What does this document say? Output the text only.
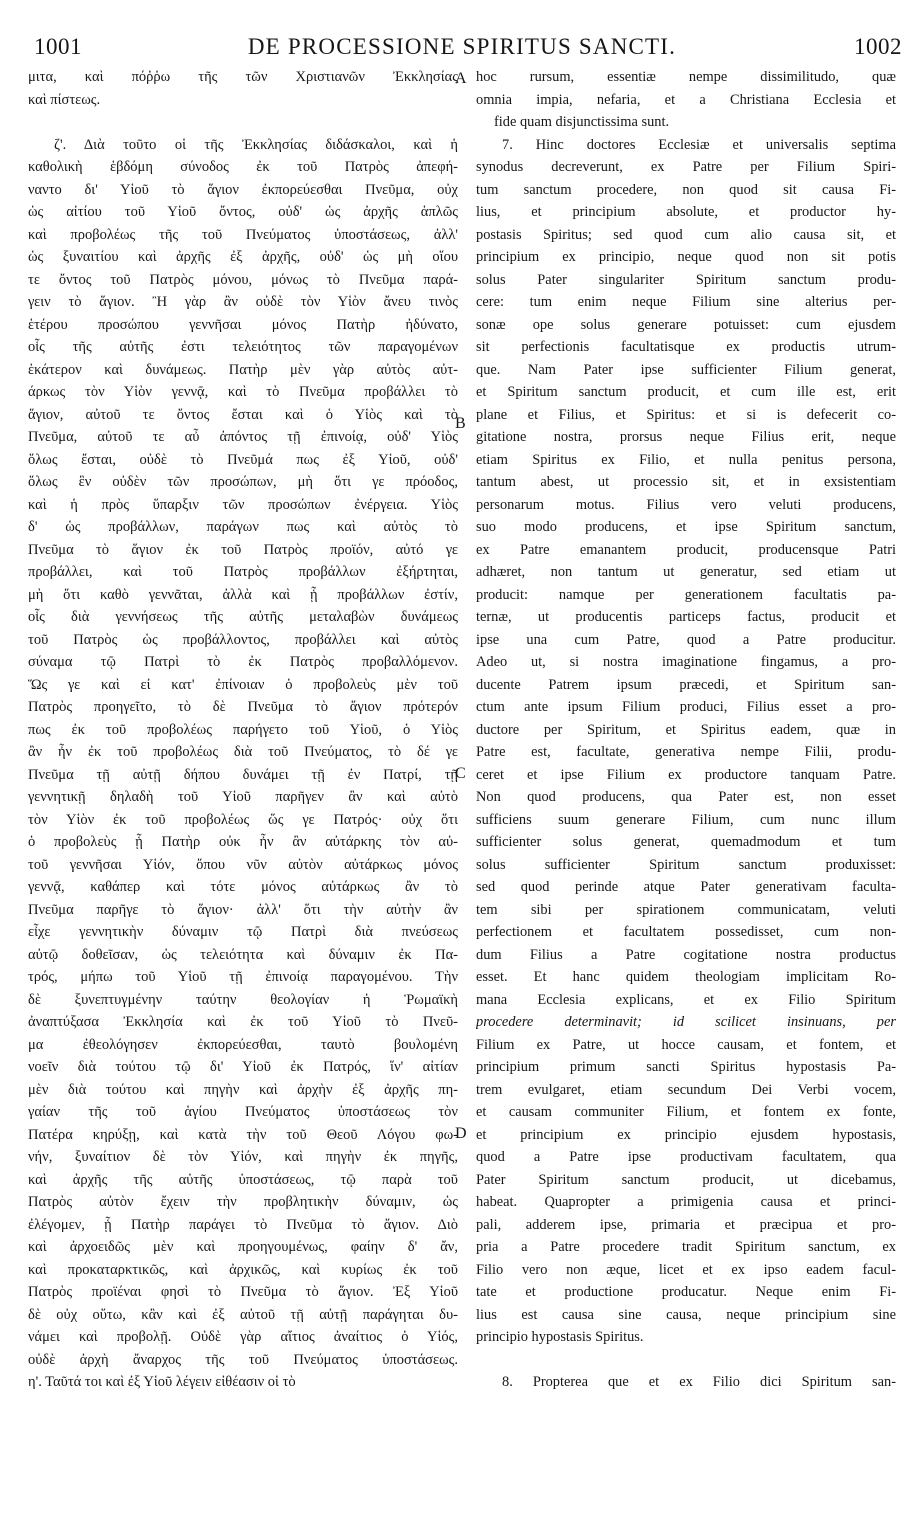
1001	DE PROCESSIONE SPIRITUS SANCTI.	1002
μιτα, καὶ πόῤῥω τῆς τῶν Χριστιανῶν Ἐκκλησίας
καὶ πίστεως.
ζ'. Διὰ τοῦτο οἱ τῆς Ἐκκλησίας διδάσκαλοι, καὶ ἡ
καθολικὴ ἑβδόμη σύνοδος ἐκ τοῦ Πατρὸς ἀπεφή-
ναντο δι' Υἱοῦ τὸ ἅγιον ἐκπορεύεσθαι Πνεῦμα, οὐχ
ὡς αἰτίου τοῦ Υἱοῦ ὄντος, οὐδ' ὡς ἀρχῆς ἁπλῶς
καὶ προβολέως τῆς τοῦ Πνεύματος ὑποστάσεως, ἀλλ'
ὡς ξυναιτίου καὶ ἀρχῆς ἐξ ἀρχῆς, οὐδ' ὡς μὴ οἵου
τε ὄντος τοῦ Πατρὸς μόνου, μόνως τὸ Πνεῦμα παρά-
γειν τὸ ἅγιον. Ἢ γὰρ ἂν οὐδὲ τὸν Υἱὸν ἄνευ τινὸς
ἑτέρου προσώπου γεννῆσαι μόνος Πατὴρ ἠδύνατο,
οἷς τῆς αὐτῆς ἐστι τελειότητος τῶν παραγομένων
ἑκάτερον καὶ δυνάμεως. Πατὴρ μὲν γὰρ αὐτὸς αὐτ-
άρκως τὸν Υἱὸν γεννᾷ, καὶ τὸ Πνεῦμα προβάλλει τὸ
ἅγιον, αὐτοῦ τε ὄντος ἔσται καὶ ὁ Υἱὸς καὶ τὸ
Πνεῦμα, αὐτοῦ τε αὖ ἀπόντος τῇ ἐπινοίᾳ, οὐδ' Υἱὸς
ὅλως ἔσται, οὐδὲ τὸ Πνεῦμά πως ἐξ Υἱοῦ, οὐδ'
ὅλως ἓν οὐδὲν τῶν προσώπων, μὴ ὅτι γε πρόοδος,
καὶ ἡ πρὸς ὕπαρξιν τῶν προσώπων ἐνέργεια. Υἱὸς
δ' ὡς προβάλλων, παράγων πως καὶ αὐτὸς τὸ
Πνεῦμα τὸ ἅγιον ἐκ τοῦ Πατρὸς προϊόν, αὐτό γε
προβάλλει, καὶ τοῦ Πατρὸς προβάλλων ἐξήρτηται,
μὴ ὅτι καθὸ γεννᾶται, ἀλλὰ καὶ ᾗ προβάλλων ἐστίν,
οἷς διὰ γεννήσεως τῆς αὐτῆς μεταλαβὼν δυνάμεως
τοῦ Πατρὸς ὡς προβάλλοντος, προβάλλει καὶ αὐτὸς
σύναμα τῷ Πατρὶ τὸ ἐκ Πατρὸς προβαλλόμενον.
Ὥς γε καὶ εἰ κατ' ἐπίνοιαν ὁ προβολεὺς μὲν τοῦ
Πατρὸς προηγεῖτο, τὸ δὲ Πνεῦμα τὸ ἅγιον πρότερόν
πως ἐκ τοῦ προβολέως παρήγετο τοῦ Υἱοῦ, ὁ Υἱὸς
ἂν ἦν ἐκ τοῦ προβολέως διὰ τοῦ Πνεύματος, τὸ δέ γε
Πνεῦμα τῇ αὐτῇ δήπου δυνάμει τῇ ἐν Πατρί, τῇ
γεννητικῇ δηλαδὴ τοῦ Υἱοῦ παρῆγεν ἂν καὶ αὐτὸ
τὸν Υἱὸν ἐκ τοῦ προβολέως ὥς γε Πατρός· οὐχ ὅτι
ὁ προβολεὺς ᾗ Πατὴρ οὐκ ἦν ἂν αὐτάρκης τὸν αὐ-
τοῦ γεννῆσαι Υἱόν, ὅπου νῦν αὐτὸν αὐτάρκως μόνος
γεννᾷ, καθάπερ καὶ τότε μόνος αὐτάρκως ἂν τὸ
Πνεῦμα παρῆγε τὸ ἅγιον· ἀλλ' ὅτι τὴν αὐτὴν ἂν
εἶχε γεννητικὴν δύναμιν τῷ Πατρὶ διὰ πνεύσεως
αὐτῷ δοθεῖσαν, ὡς τελειότητα καὶ δύναμιν ἐκ Πα-
τρός, μήπω τοῦ Υἱοῦ τῇ ἐπινοίᾳ παραγομένου. Τὴν
δὲ ξυνεπτυγμένην ταύτην θεολογίαν ἡ Ῥωμαϊκὴ
ἀναπτύξασα Ἐκκλησία καὶ ἐκ τοῦ Υἱοῦ τὸ Πνεῦ-
μα ἐθεολόγησεν ἐκπορεύεσθαι, ταυτὸ βουλομένη
νοεῖν διὰ τούτου τῷ δι' Υἱοῦ ἐκ Πατρός, ἵν' αἰτίαν
μὲν διὰ τούτου καὶ πηγὴν καὶ ἀρχὴν ἐξ ἀρχῆς πη-
γαίαν τῆς τοῦ ἁγίου Πνεύματος ὑποστάσεως τὸν
Πατέρα κηρύξῃ, καὶ κατὰ τὴν τοῦ Θεοῦ Λόγου φω-
νήν, ξυναίτιον δὲ τὸν Υἱόν, καὶ πηγὴν ἐκ πηγῆς,
καὶ ἀρχῆς τῆς αὐτῆς ὑποστάσεως, τῷ παρὰ τοῦ
Πατρὸς αὐτὸν ἔχειν τὴν προβλητικὴν δύναμιν, ὡς
ἐλέγομεν, ᾗ Πατὴρ παράγει τὸ Πνεῦμα τὸ ἅγιον. Διὸ
καὶ ἀρχοειδῶς μὲν καὶ προηγουμένως, φαίην δ' ἄν,
καὶ προκαταρκτικῶς, καὶ ἀρχικῶς, καὶ κυρίως ἐκ τοῦ
Πατρὸς προϊέναι φησὶ τὸ Πνεῦμα τὸ ἅγιον. Ἐξ Υἱοῦ
δὲ οὐχ οὕτω, κἂν καὶ ἐξ αὐτοῦ τῇ αὐτῇ παράγηται δυ-
νάμει καὶ προβολῇ. Οὐδὲ γὰρ αἴτιος ἀναίτιος ὁ Υἱός,
οὐδὲ ἀρχὴ ἄναρχος τῆς τοῦ Πνεύματος ὑποστάσεως.
η'. Ταῦτά τοι καὶ ἐξ Υἱοῦ λέγειν εἰθέασιν οἱ τὸ
hoc rursum, essentiæ nempe dissimilitudo, quæ
omnia impia, nefaria, et a Christiana Ecclesia et
fide quam disjunctissima sunt.
7. Hinc doctores Ecclesiæ et universalis septima
synodus decreverunt, ex Patre per Filium Spiri-
tum sanctum procedere, non quod sit causa Fi-
lius, et principium absolute, et productor hy-
postasis Spiritus; sed quod cum alio causa sit, et
principium ex principio, neque quod non sit potis
solus Pater singulariter Spiritum sanctum produ-
cere: tum enim neque Filium sine alterius per-
sonæ ope solus generare potuisset: cum ejusdem
sit perfectionis facultatisque ex productis utrum-
que. Nam Pater ipse sufficienter Filium generat,
et Spiritum sanctum producit, et cum ille est, erit
plane et Filius, et Spiritus: et si is defecerit co-
gitatione nostra, prorsus neque Filius erit, neque
etiam Spiritus ex Filio, et nulla penitus persona,
tantum abest, ut processio sit, et in exsistentiam
personarum motus. Filius vero veluti producens,
suo modo producens, et ipse Spiritum sanctum,
ex Patre emanantem producit, producensque Patri
adhæret, non tantum ut generatur, sed etiam ut
producit: namque per generationem facultatis pa-
ternæ, ut producentis particeps factus, producit et
ipse una cum Patre, quod a Patre producitur.
Adeo ut, si nostra imaginatione fingamus, a pro-
ducente Patrem ipsum præcedi, et Spiritum san-
ctum ante ipsum Filium produci, Filius esset a pro-
ductore per Spiritum, et Spiritus eadem, quæ in
Patre est, facultate, generativa nempe Filii, produ-
ceret et ipse Filium ex productore tanquam Patre.
Non quod producens, qua Pater est, non esset
sufficiens suum generare Filium, cum nunc illum
sufficienter solus generat, quemadmodum et tum
solus sufficienter Spiritum sanctum produxisset:
sed quod perinde atque Pater generativam faculta-
tem sibi per spirationem communicatam, veluti
perfectionem et facultatem possedisset, cum non-
dum Filius a Patre cogitatione nostra productus
esset. Et hanc quidem theologiam implicitam Ro-
mana Ecclesia explicans, et ex Filio Spiritum
procedere determinavit; id scilicet insinuans, per
Filium ex Patre, ut hocce causam, et fontem, et
principium primum sancti Spiritus hypostasis Pa-
trem evulgaret, etiam secundum Dei Verbi vocem,
et causam communiter Filium, et fontem ex fonte,
et principium ex principio ejusdem hypostasis,
quod a Patre ipse productivam facultatem, qua
Pater Spiritum sanctum producit, ut dicebamus,
habeat. Quapropter a primigenia causa et princi-
pali, adderem ipse, primaria et præcipua et pro-
pria a Patre procedere tradit Spiritum sanctum, ex
Filio vero non æque, licet et ex ipso eadem facul-
tate et productione producatur. Neque enim Fi-
lius est causa sine causa, neque principium sine
principio hypostasis Spiritus.
8. Propterea que et ex Filio dici Spiritum san-
A
B
C
D
